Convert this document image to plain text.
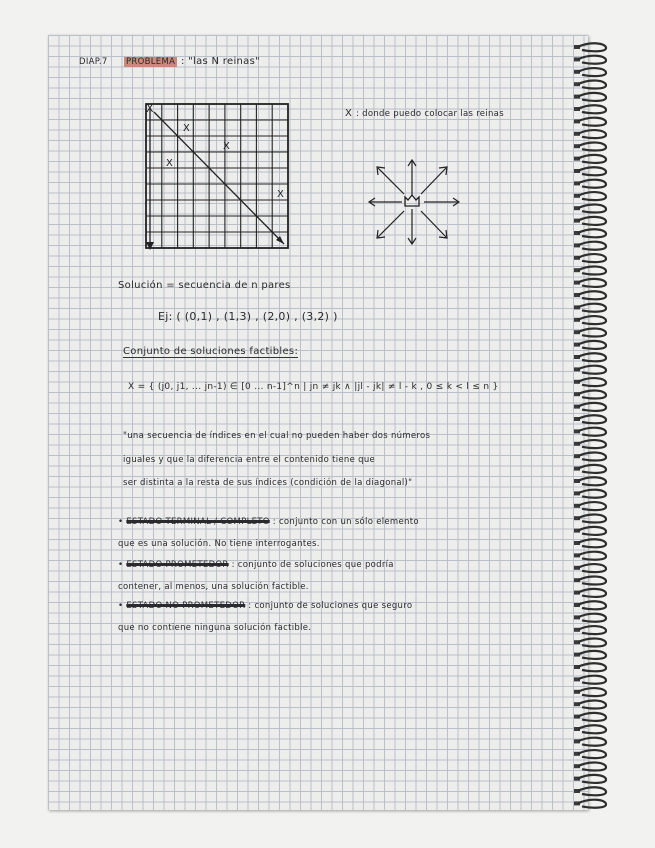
DIAP.7 PROBLEMA : "las N reinas"
X
X
X
X
X
X : donde puedo colocar las reinas
Solución = secuencia de n pares
Ej: ( (0,1) , (1,3) , (2,0) , (3,2) )
Conjunto de soluciones factibles:
X = { (j0, j1, ... jn-1) ∈ [0 ... n-1]^n | jn ≠ jk ∧ |jl - jk| ≠ l - k , 0 ≤ k < l ≤ n }
"una secuencia de índices en el cual no pueden haber dos números
iguales y que la diferencia entre el contenido tiene que
ser distinta a la resta de sus índices (condición de la diagonal)"
• ESTADO TERMINAL / COMPLETO : conjunto con un sólo elemento
que es una solución. No tiene interrogantes.
• ESTADO PROMETEDOR : conjunto de soluciones que podría
contener, al menos, una solución factible.
• ESTADO NO PROMETEDOR : conjunto de soluciones que seguro
que no contiene ninguna solución factible.
